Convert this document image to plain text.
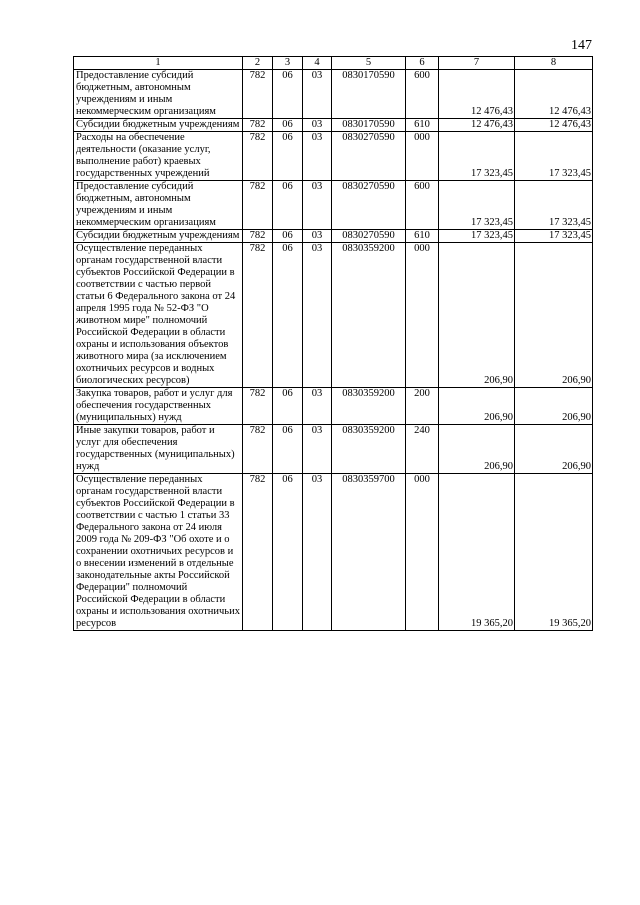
147
1	2	3	4	5	6	7	8
Предоставление субсидий бюджетным, автономным учреждениям и иным некоммерческим организациям	782	06	03	0830170590	600	12 476,43	12 476,43
Субсидии бюджетным учреждениям	782	06	03	0830170590	610	12 476,43	12 476,43
Расходы на обеспечение деятельности (оказание услуг, выполнение работ) краевых государственных учреждений	782	06	03	0830270590	000	17 323,45	17 323,45
Предоставление субсидий бюджетным, автономным учреждениям и иным некоммерческим организациям	782	06	03	0830270590	600	17 323,45	17 323,45
Субсидии бюджетным учреждениям	782	06	03	0830270590	610	17 323,45	17 323,45
Осуществление переданных органам государственной власти субъектов Российской Федерации в соответствии с частью первой статьи 6 Федерального закона от 24 апреля 1995 года № 52-ФЗ "О животном мире" полномочий Российской Федерации в области охраны и использования объектов животного мира (за исключением охотничьих ресурсов и водных биологических ресурсов)	782	06	03	0830359200	000	206,90	206,90
Закупка товаров, работ и услуг для обеспечения государственных (муниципальных) нужд	782	06	03	0830359200	200	206,90	206,90
Иные закупки товаров, работ и услуг для обеспечения государственных (муниципальных) нужд	782	06	03	0830359200	240	206,90	206,90
Осуществление переданных органам государственной власти субъектов Российской Федерации в соответствии с частью 1 статьи 33 Федерального закона от 24 июля 2009 года № 209-ФЗ "Об охоте и о сохранении охотничьих ресурсов и о внесении изменений в отдельные законодательные акты Российской Федерации" полномочий Российской Федерации в области охраны и использования охотничьих ресурсов	782	06	03	0830359700	000	19 365,20	19 365,20
